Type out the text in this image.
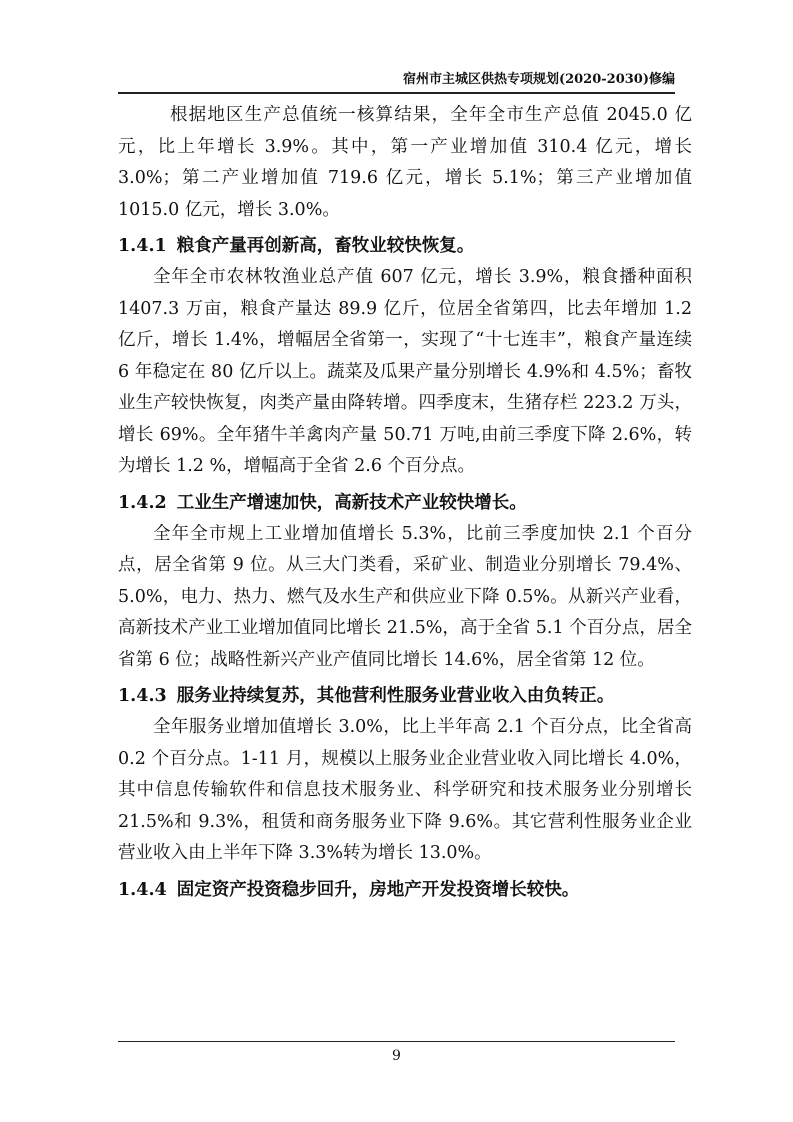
宿州市主城区供热专项规划(2020-2030)修编

根据地区生产总值统一核算结果，全年全市生产总值 2045.0 亿元，比上年增长 3.9%。其中，第一产业增加值 310.4 亿元，增长 3.0%；第二产业增加值 719.6 亿元，增长 5.1%；第三产业增加值 1015.0 亿元，增长 3.0%。

1.4.1 粮食产量再创新高，畜牧业较快恢复。

全年全市农林牧渔业总产值 607 亿元，增长 3.9%，粮食播种面积 1407.3 万亩，粮食产量达 89.9 亿斤，位居全省第四，比去年增加 1.2 亿斤，增长 1.4%，增幅居全省第一，实现了“十七连丰”，粮食产量连续 6 年稳定在 80 亿斤以上。蔬菜及瓜果产量分别增长 4.9%和 4.5%；畜牧业生产较快恢复，肉类产量由降转增。四季度末，生猪存栏 223.2 万头，增长 69%。全年猪牛羊禽肉产量 50.71 万吨,由前三季度下降 2.6%，转为增长 1.2 %，增幅高于全省 2.6 个百分点。

1.4.2 工业生产增速加快，高新技术产业较快增长。

全年全市规上工业增加值增长 5.3%，比前三季度加快 2.1 个百分点，居全省第 9 位。从三大门类看，采矿业、制造业分别增长 79.4%、5.0%，电力、热力、燃气及水生产和供应业下降 0.5%。从新兴产业看，高新技术产业工业增加值同比增长 21.5%，高于全省 5.1 个百分点，居全省第 6 位；战略性新兴产业产值同比增长 14.6%，居全省第 12 位。

1.4.3 服务业持续复苏，其他营利性服务业营业收入由负转正。

全年服务业增加值增长 3.0%，比上半年高 2.1 个百分点，比全省高 0.2 个百分点。1-11 月，规模以上服务业企业营业收入同比增长 4.0%，其中信息传输软件和信息技术服务业、科学研究和技术服务业分别增长 21.5%和 9.3%，租赁和商务服务业下降 9.6%。其它营利性服务业企业营业收入由上半年下降 3.3%转为增长 13.0%。

1.4.4 固定资产投资稳步回升，房地产开发投资增长较快。
9
